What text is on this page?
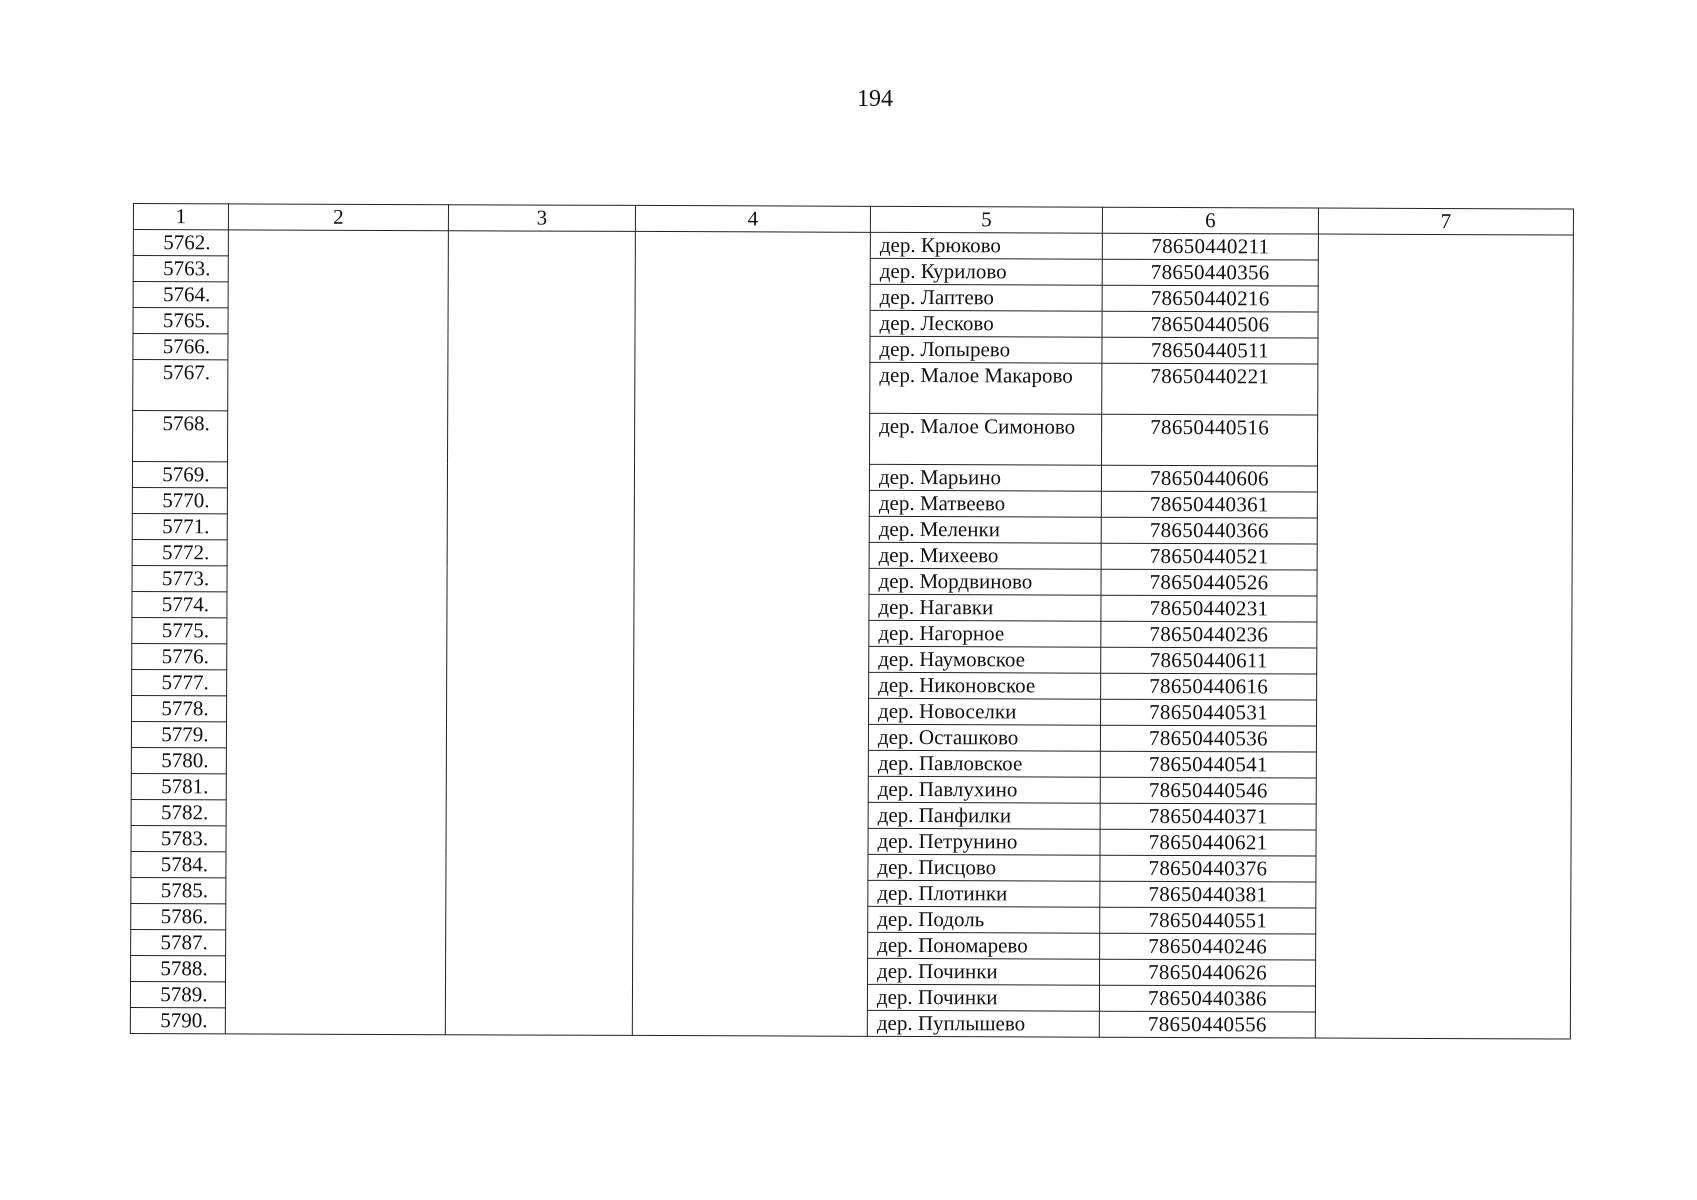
194
1	2	3	4	5	6	7
5762.				дер. Крюково	78650440211	
5763.				дер. Курилово	78650440356	
5764.				дер. Лаптево	78650440216	
5765.				дер. Лесково	78650440506	
5766.				дер. Лопырево	78650440511	
5767.				дер. Малое Макарово	78650440221	
5768.				дер. Малое Симоново	78650440516	
5769.				дер. Марьино	78650440606	
5770.				дер. Матвеево	78650440361	
5771.				дер. Меленки	78650440366	
5772.				дер. Михеево	78650440521	
5773.				дер. Мордвиново	78650440526	
5774.				дер. Нагавки	78650440231	
5775.				дер. Нагорное	78650440236	
5776.				дер. Наумовское	78650440611	
5777.				дер. Никоновское	78650440616	
5778.				дер. Новоселки	78650440531	
5779.				дер. Осташково	78650440536	
5780.				дер. Павловское	78650440541	
5781.				дер. Павлухино	78650440546	
5782.				дер. Панфилки	78650440371	
5783.				дер. Петрунино	78650440621	
5784.				дер. Писцово	78650440376	
5785.				дер. Плотинки	78650440381	
5786.				дер. Подоль	78650440551	
5787.				дер. Пономарево	78650440246	
5788.				дер. Починки	78650440626	
5789.				дер. Починки	78650440386	
5790.				дер. Пуплышево	78650440556	
